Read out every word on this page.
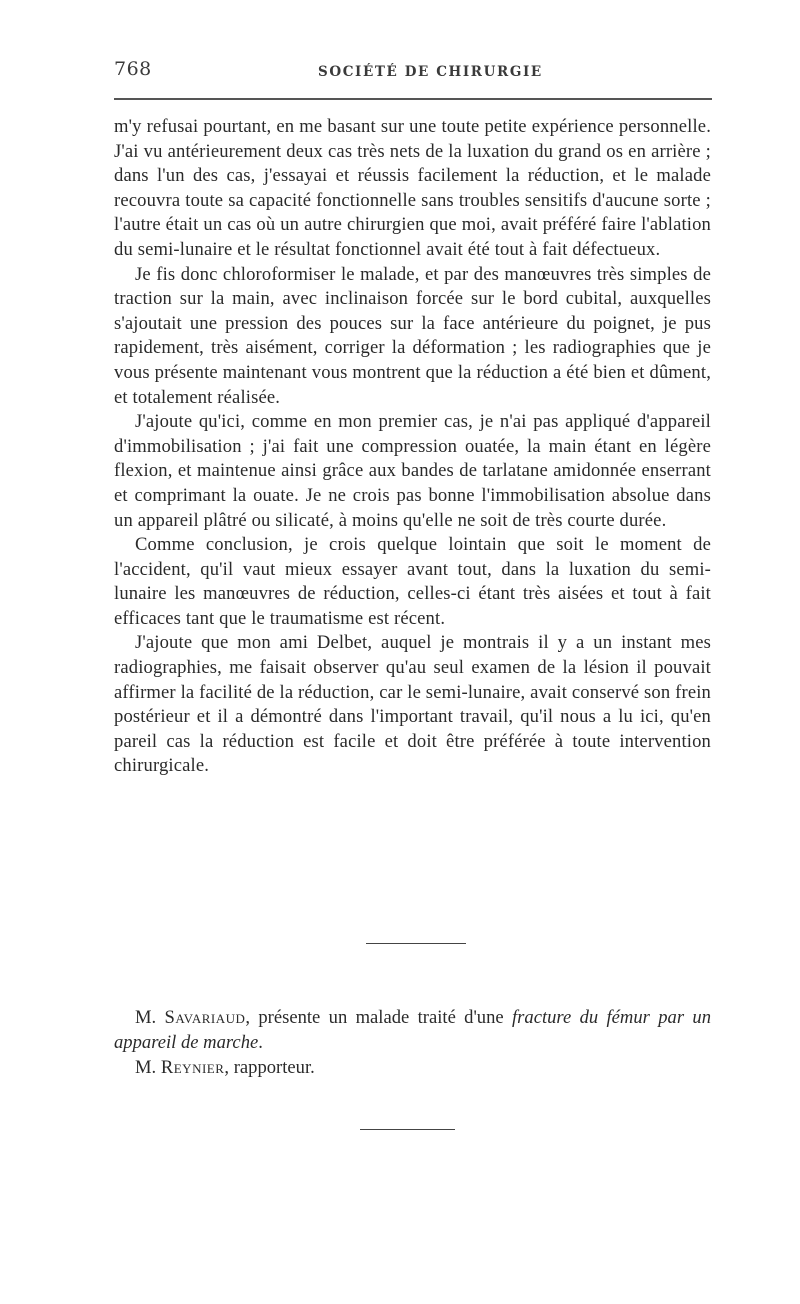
768	SOCIÉTÉ DE CHIRURGIE

m'y refusai pourtant, en me basant sur une toute petite expérience personnelle. J'ai vu antérieurement deux cas très nets de la luxation du grand os en arrière ; dans l'un des cas, j'essayai et réussis facilement la réduction, et le malade recouvra toute sa capacité fonctionnelle sans troubles sensitifs d'aucune sorte ; l'autre était un cas où un autre chirurgien que moi, avait préféré faire l'ablation du semi-lunaire et le résultat fonctionnel avait été tout à fait défectueux.

Je fis donc chloroformiser le malade, et par des manœuvres très simples de traction sur la main, avec inclinaison forcée sur le bord cubital, auxquelles s'ajoutait une pression des pouces sur la face antérieure du poignet, je pus rapidement, très aisément, corriger la déformation ; les radiographies que je vous présente maintenant vous montrent que la réduction a été bien et dûment, et totalement réalisée.

J'ajoute qu'ici, comme en mon premier cas, je n'ai pas appliqué d'appareil d'immobilisation ; j'ai fait une compression ouatée, la main étant en légère flexion, et maintenue ainsi grâce aux bandes de tarlatane amidonnée enserrant et comprimant la ouate. Je ne crois pas bonne l'immobilisation absolue dans un appareil plâtré ou silicaté, à moins qu'elle ne soit de très courte durée.

Comme conclusion, je crois quelque lointain que soit le moment de l'accident, qu'il vaut mieux essayer avant tout, dans la luxation du semi-lunaire les manœuvres de réduction, celles-ci étant très aisées et tout à fait efficaces tant que le traumatisme est récent.

J'ajoute que mon ami Delbet, auquel je montrais il y a un instant mes radiographies, me faisait observer qu'au seul examen de la lésion il pouvait affirmer la facilité de la réduction, car le semi-lunaire, avait conservé son frein postérieur et il a démontré dans l'important travail, qu'il nous a lu ici, qu'en pareil cas la réduction est facile et doit être préférée à toute intervention chirurgicale.

M. Savariaud, présente un malade traité d'une fracture du fémur par un appareil de marche.

M. Reynier, rapporteur.
